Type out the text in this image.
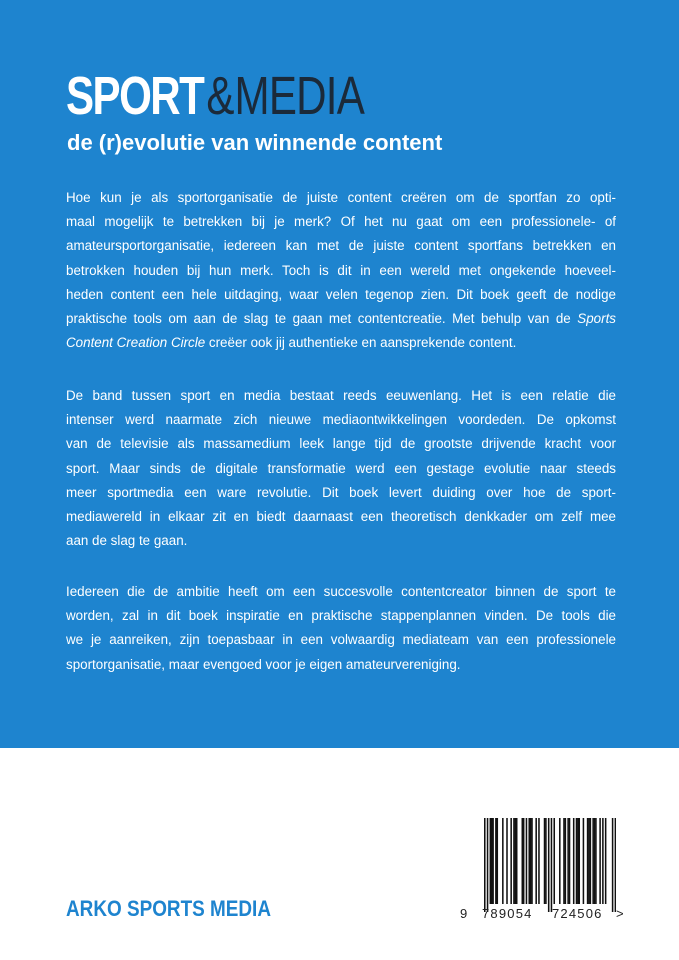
SPORT & MEDIA
de (r)evolutie van winnende content
Hoe kun je als sportorganisatie de juiste content creëren om de sportfan zo opti-
maal mogelijk te betrekken bij je merk? Of het nu gaat om een professionele- of
amateursportorganisatie, iedereen kan met de juiste content sportfans betrekken en
betrokken houden bij hun merk. Toch is dit in een wereld met ongekende hoeveel-
heden content een hele uitdaging, waar velen tegenop zien. Dit boek geeft de nodige
praktische tools om aan de slag te gaan met contentcreatie. Met behulp van de Sports
Content Creation Circle creëer ook jij authentieke en aansprekende content.
De band tussen sport en media bestaat reeds eeuwenlang. Het is een relatie die
intenser werd naarmate zich nieuwe mediaontwikkelingen voordeden. De opkomst
van de televisie als massamedium leek lange tijd de grootste drijvende kracht voor
sport. Maar sinds de digitale transformatie werd een gestage evolutie naar steeds
meer sportmedia een ware revolutie. Dit boek levert duiding over hoe de sport-
mediawereld in elkaar zit en biedt daarnaast een theoretisch denkkader om zelf mee
aan de slag te gaan.
Iedereen die de ambitie heeft om een succesvolle contentcreator binnen de sport te
worden, zal in dit boek inspiratie en praktische stappenplannen vinden. De tools die
we je aanreiken, zijn toepasbaar in een volwaardig mediateam van een professionele
sportorganisatie, maar evengoed voor je eigen amateurvereniging.
ARKO SPORTS MEDIA	9 789054 724506 >
